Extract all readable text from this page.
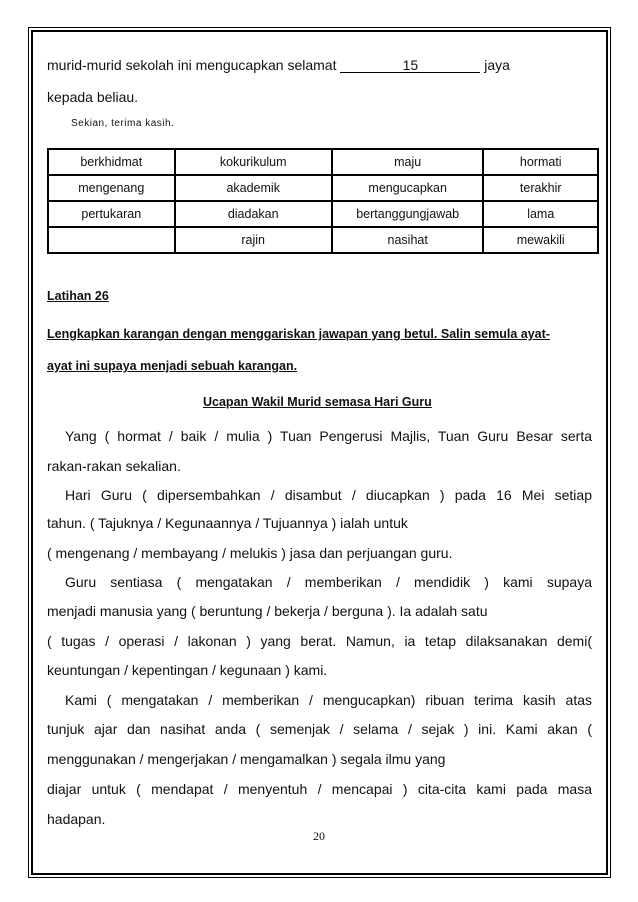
murid-murid sekolah ini mengucapkan selamat	15	jaya
kepada beliau.
Sekian, terima kasih.
berkhidmat	kokurikulum	maju	hormati
mengenang	akademik	mengucapkan	terakhir
pertukaran	diadakan	bertanggungjawab	lama
	rajin	nasihat	mewakili
Latihan 26
Lengkapkan karangan dengan menggariskan jawapan yang betul. Salin semula ayat-
ayat ini supaya menjadi sebuah karangan.
Ucapan Wakil Murid semasa Hari Guru
Yang ( hormat / baik / mulia ) Tuan Pengerusi Majlis, Tuan Guru Besar serta
rakan-rakan sekalian.
Hari Guru ( dipersembahkan / disambut / diucapkan ) pada 16 Mei setiap
tahun. ( Tajuknya / Kegunaannya / Tujuannya ) ialah untuk
( mengenang / membayang / melukis ) jasa dan perjuangan guru.
Guru sentiasa ( mengatakan / memberikan / mendidik ) kami supaya
menjadi manusia yang ( beruntung / bekerja / berguna ). Ia adalah satu
( tugas / operasi / lakonan ) yang berat. Namun, ia tetap dilaksanakan demi(
keuntungan / kepentingan / kegunaan ) kami.
Kami ( mengatakan / memberikan / mengucapkan) ribuan terima kasih atas
tunjuk ajar dan nasihat anda ( semenjak / selama / sejak ) ini. Kami akan (
menggunakan / mengerjakan / mengamalkan ) segala ilmu yang
diajar untuk ( mendapat / menyentuh / mencapai ) cita-cita kami pada masa
hadapan.
20
